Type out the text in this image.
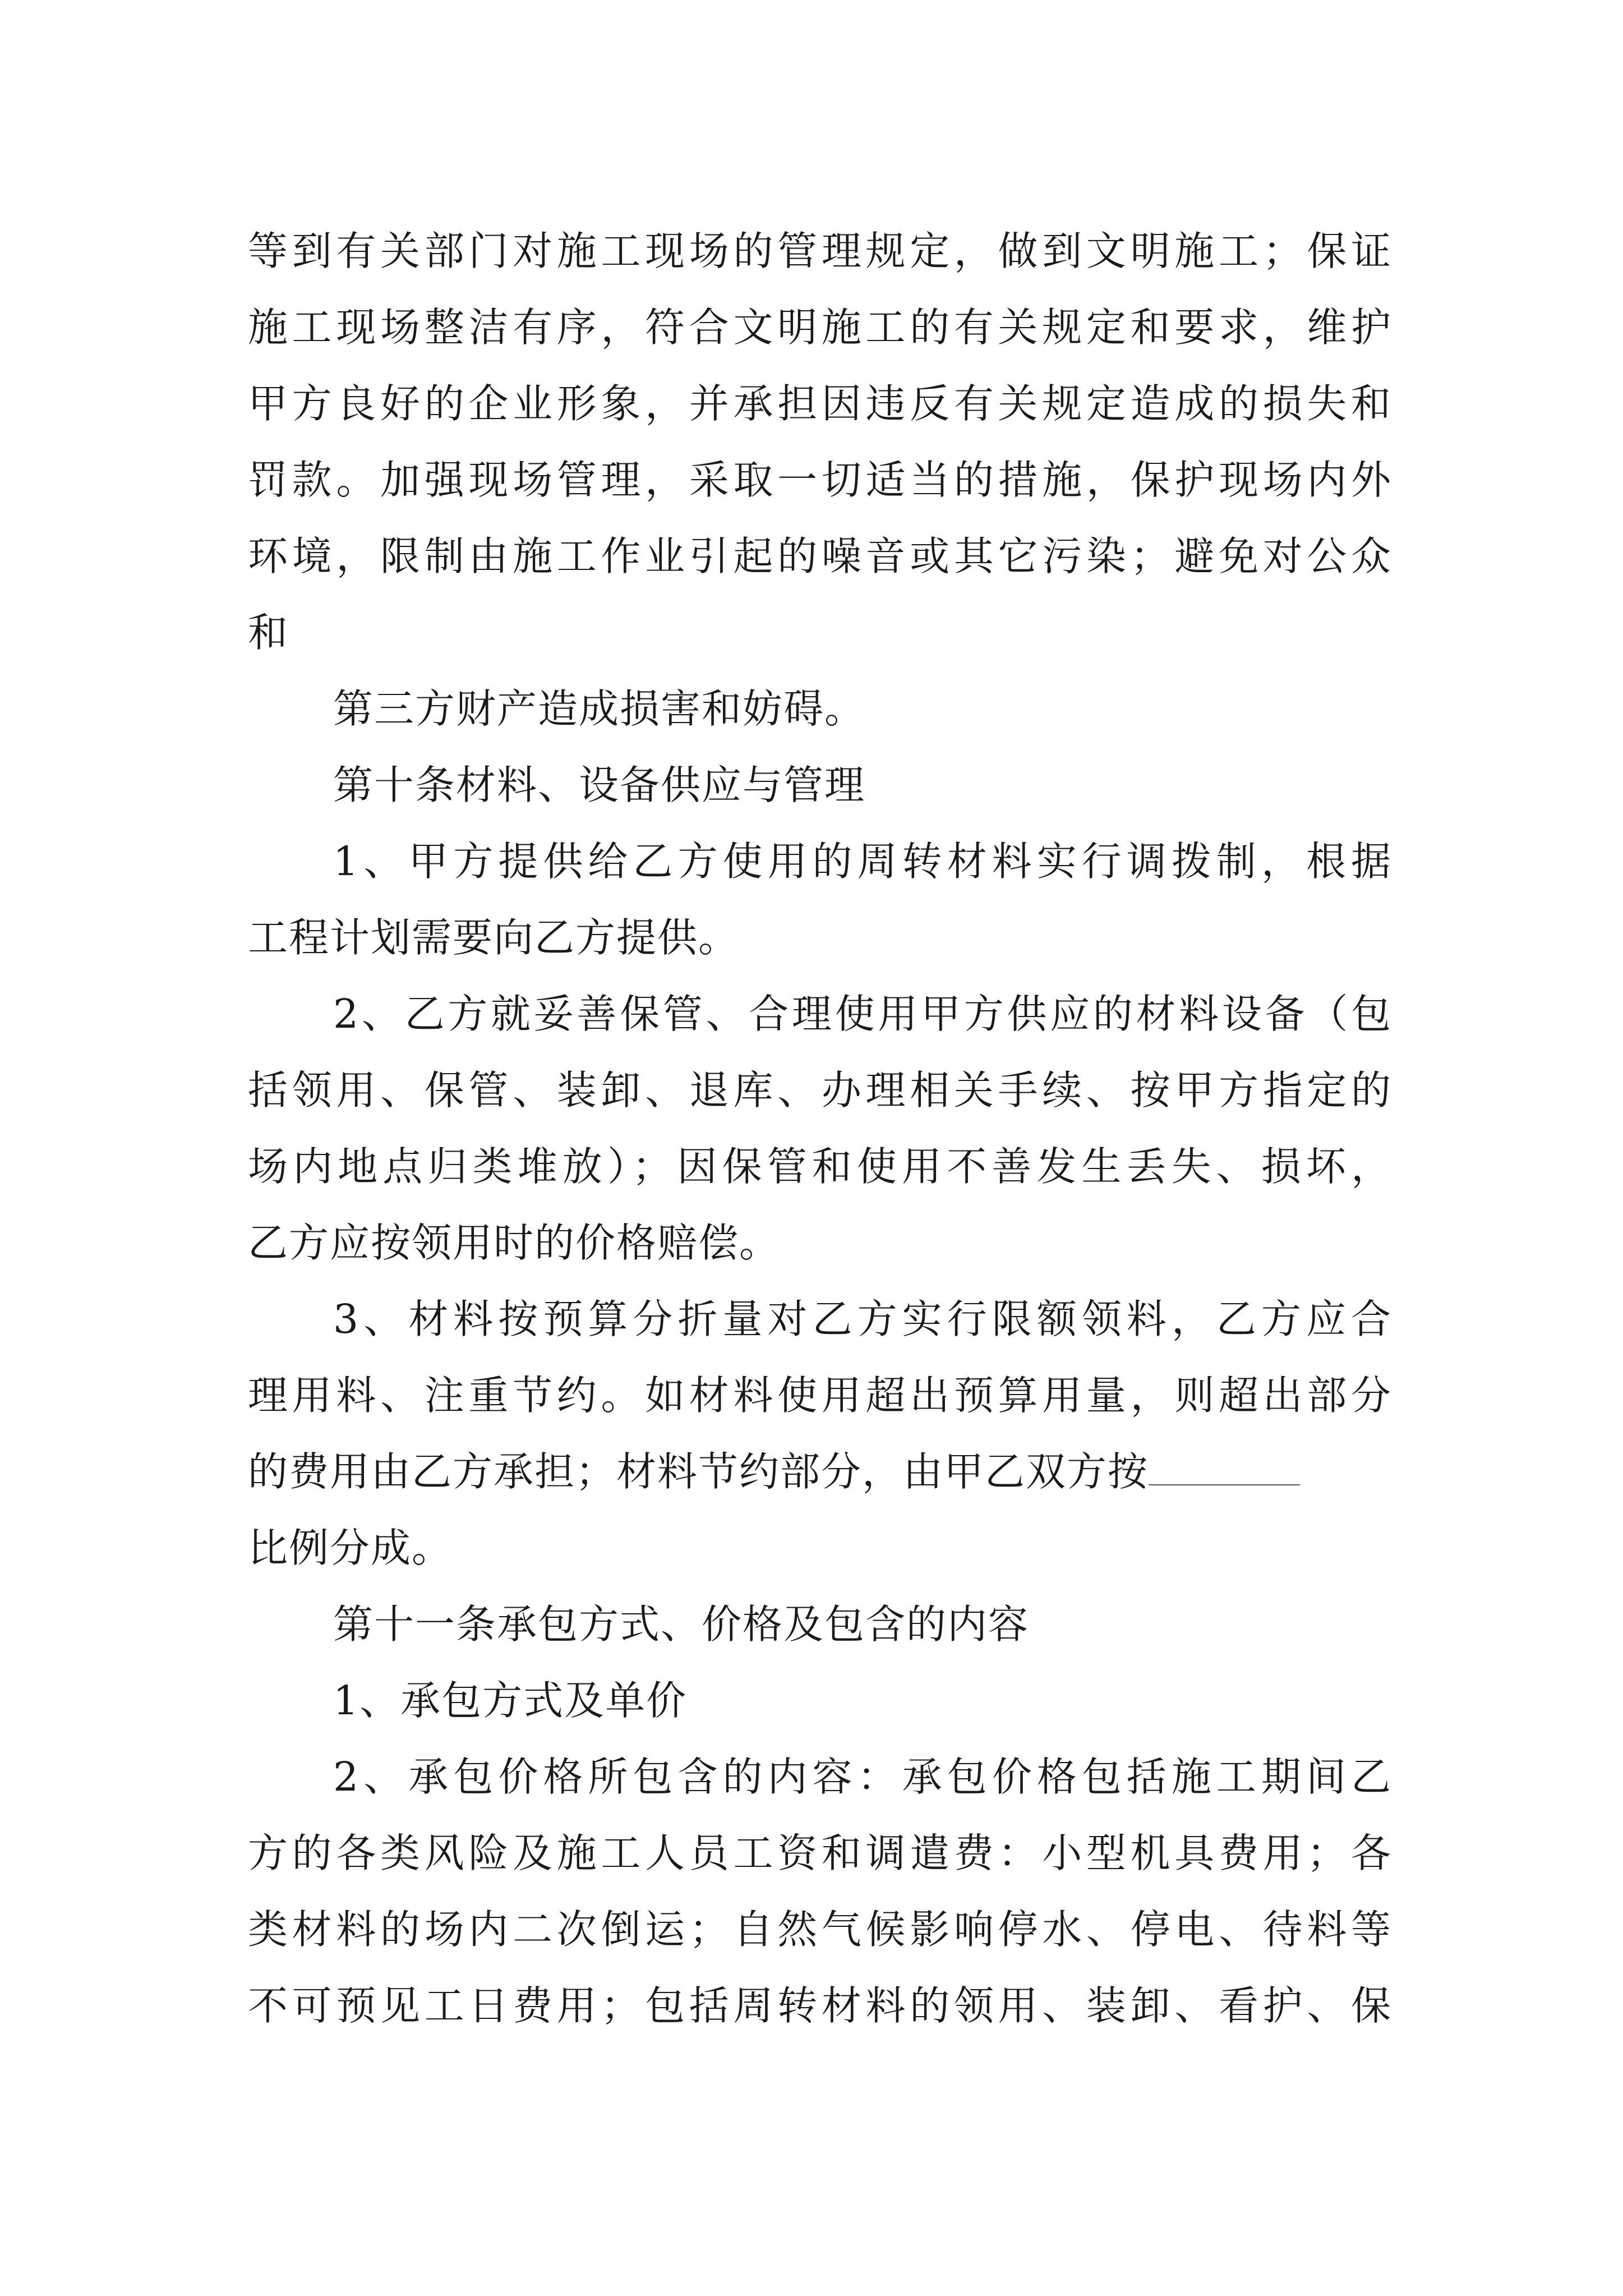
等到有关部门对施工现场的管理规定，做到文明施工；保证
施工现场整洁有序，符合文明施工的有关规定和要求，维护
甲方良好的企业形象，并承担因违反有关规定造成的损失和
罚款。加强现场管理，采取一切适当的措施，保护现场内外
环境，限制由施工作业引起的噪音或其它污染；避免对公众
和
第三方财产造成损害和妨碍。
第十条材料、设备供应与管理
1、甲方提供给乙方使用的周转材料实行调拨制，根据
工程计划需要向乙方提供。
2、乙方就妥善保管、合理使用甲方供应的材料设备（包
括领用、保管、装卸、退库、办理相关手续、按甲方指定的
场内地点归类堆放）；因保管和使用不善发生丢失、损坏，
乙方应按领用时的价格赔偿。
3、材料按预算分折量对乙方实行限额领料，乙方应合
理用料、注重节约。如材料使用超出预算用量，则超出部分
的费用由乙方承担；材料节约部分，由甲乙双方按
比例分成。
第十一条承包方式、价格及包含的内容
1、承包方式及单价
2、承包价格所包含的内容：承包价格包括施工期间乙
方的各类风险及施工人员工资和调遣费：小型机具费用；各
类材料的场内二次倒运；自然气候影响停水、停电、待料等
不可预见工日费用；包括周转材料的领用、装卸、看护、保
